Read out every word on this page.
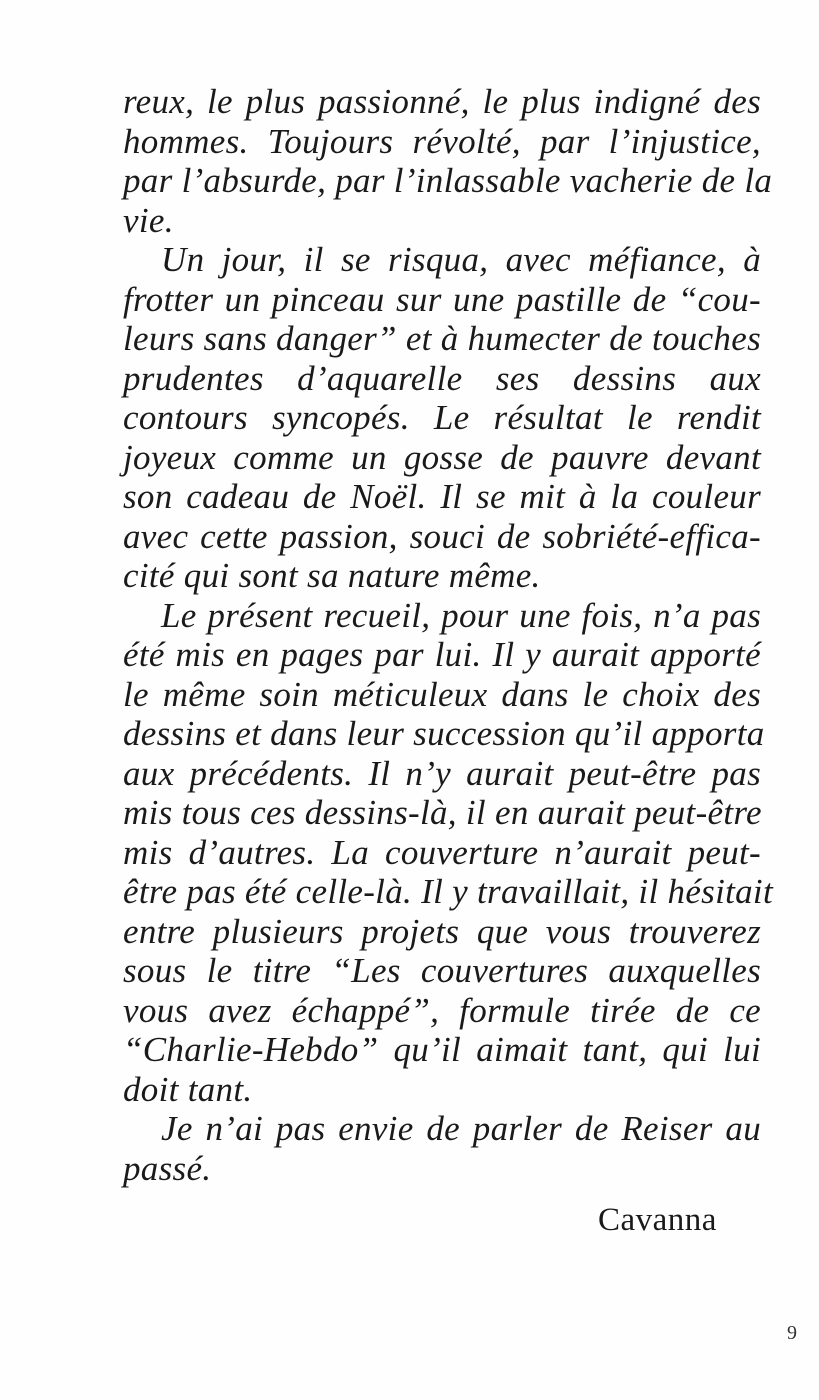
reux, le plus passionné, le plus indigné des
hommes. Toujours révolté, par l’injustice,
par l’absurde, par l’inlassable vacherie de la
vie.
Un jour, il se risqua, avec méfiance, à
frotter un pinceau sur une pastille de “cou-
leurs sans danger” et à humecter de touches
prudentes d’aquarelle ses dessins aux
contours syncopés. Le résultat le rendit
joyeux comme un gosse de pauvre devant
son cadeau de Noël. Il se mit à la couleur
avec cette passion, souci de sobriété-effica-
cité qui sont sa nature même.
Le présent recueil, pour une fois, n’a pas
été mis en pages par lui. Il y aurait apporté
le même soin méticuleux dans le choix des
dessins et dans leur succession qu’il apporta
aux précédents. Il n’y aurait peut-être pas
mis tous ces dessins-là, il en aurait peut-être
mis d’autres. La couverture n’aurait peut-
être pas été celle-là. Il y travaillait, il hésitait
entre plusieurs projets que vous trouverez
sous le titre “Les couvertures auxquelles
vous avez échappé”, formule tirée de ce
“Charlie-Hebdo” qu’il aimait tant, qui lui
doit tant.
Je n’ai pas envie de parler de Reiser au
passé.
Cavanna
9
